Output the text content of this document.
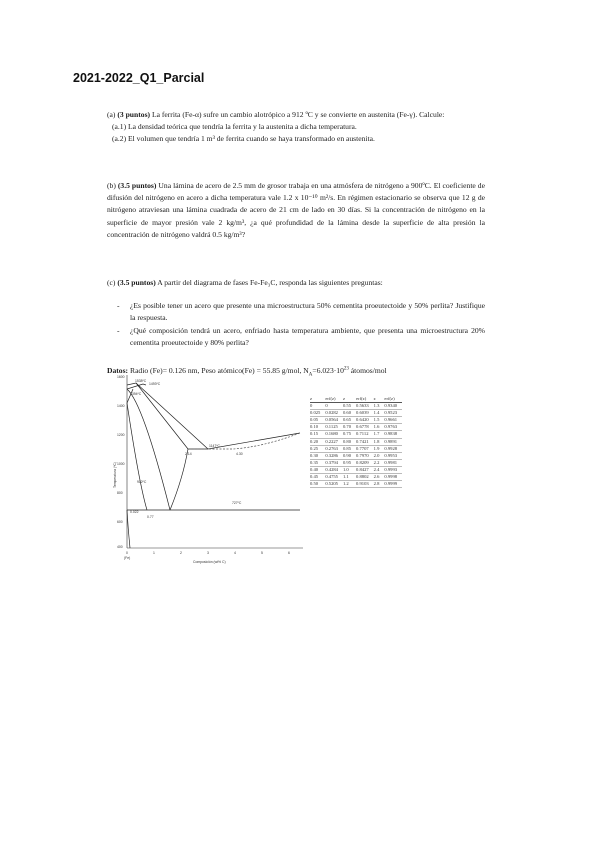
2021-2022_Q1_Parcial
(a) (3 puntos) La ferrita (Fe-α) sufre un cambio alotrópico a 912 ºC y se convierte en austenita (Fe-γ). Calcule:
(a.1) La densidad teórica que tendría la ferrita y la austenita a dicha temperatura.
(a.2) El volumen que tendría 1 m³ de ferrita cuando se haya transformado en austenita.
(b) (3.5 puntos) Una lámina de acero de 2.5 mm de grosor trabaja en una atmósfera de nitrógeno a 900ºC. El coeficiente de difusión del nitrógeno en acero a dicha temperatura vale 1.2 x 10⁻¹⁰ m²/s. En régimen estacionario se observa que 12 g de nitrógeno atraviesan una lámina cuadrada de acero de 21 cm de lado en 30 días. Si la concentración de nitrógeno en la superficie de mayor presión vale 2 kg/m³, ¿a qué profundidad de la lámina desde la superficie de alta presión la concentración de nitrógeno valdrá 0.5 kg/m³?
(c) (3.5 puntos) A partir del diagrama de fases Fe-Fe₃C, responda las siguientes preguntas:
-	¿Es posible tener un acero que presente una microestructura 50% cementita proeutectoide y 50% perlita? Justifique la respuesta.
-	¿Qué composición tendrá un acero, enfriado hasta temperatura ambiente, que presenta una microestructura 20% cementita proeutectoide y 80% perlita?
Datos: Radio (Fe)= 0.126 nm, Peso atómico(Fe) = 55.85 g/mol, $N_A=6.023\cdot 10^{23}$ átomos/mol
1600
1400
1200
1000
800
600
400
0	1	2	3	4	5	6
(Fe)
Composición (wt% C)
Temperatura (ºC)
1538ºC
1493ºC
1394ºC
912ºC
1147ºC
727ºC
2.14	4.30
0.77
0.022
z	erf(z)	z	erf(z)	z	erf(z)
0	0	0.55	0.5633	1.3	0.9340
0.025	0.0282	0.60	0.6039	1.4	0.9523
0.05	0.0564	0.65	0.6420	1.5	0.9661
0.10	0.1125	0.70	0.6778	1.6	0.9763
0.15	0.1680	0.75	0.7112	1.7	0.9838
0.20	0.2227	0.80	0.7421	1.8	0.9891
0.25	0.2763	0.85	0.7707	1.9	0.9928
0.30	0.3286	0.90	0.7970	2.0	0.9953
0.35	0.3794	0.95	0.8209	2.2	0.9981
0.40	0.4284	1.0	0.8427	2.4	0.9993
0.45	0.4755	1.1	0.8802	2.6	0.9998
0.50	0.5205	1.2	0.9103	2.8	0.9999
